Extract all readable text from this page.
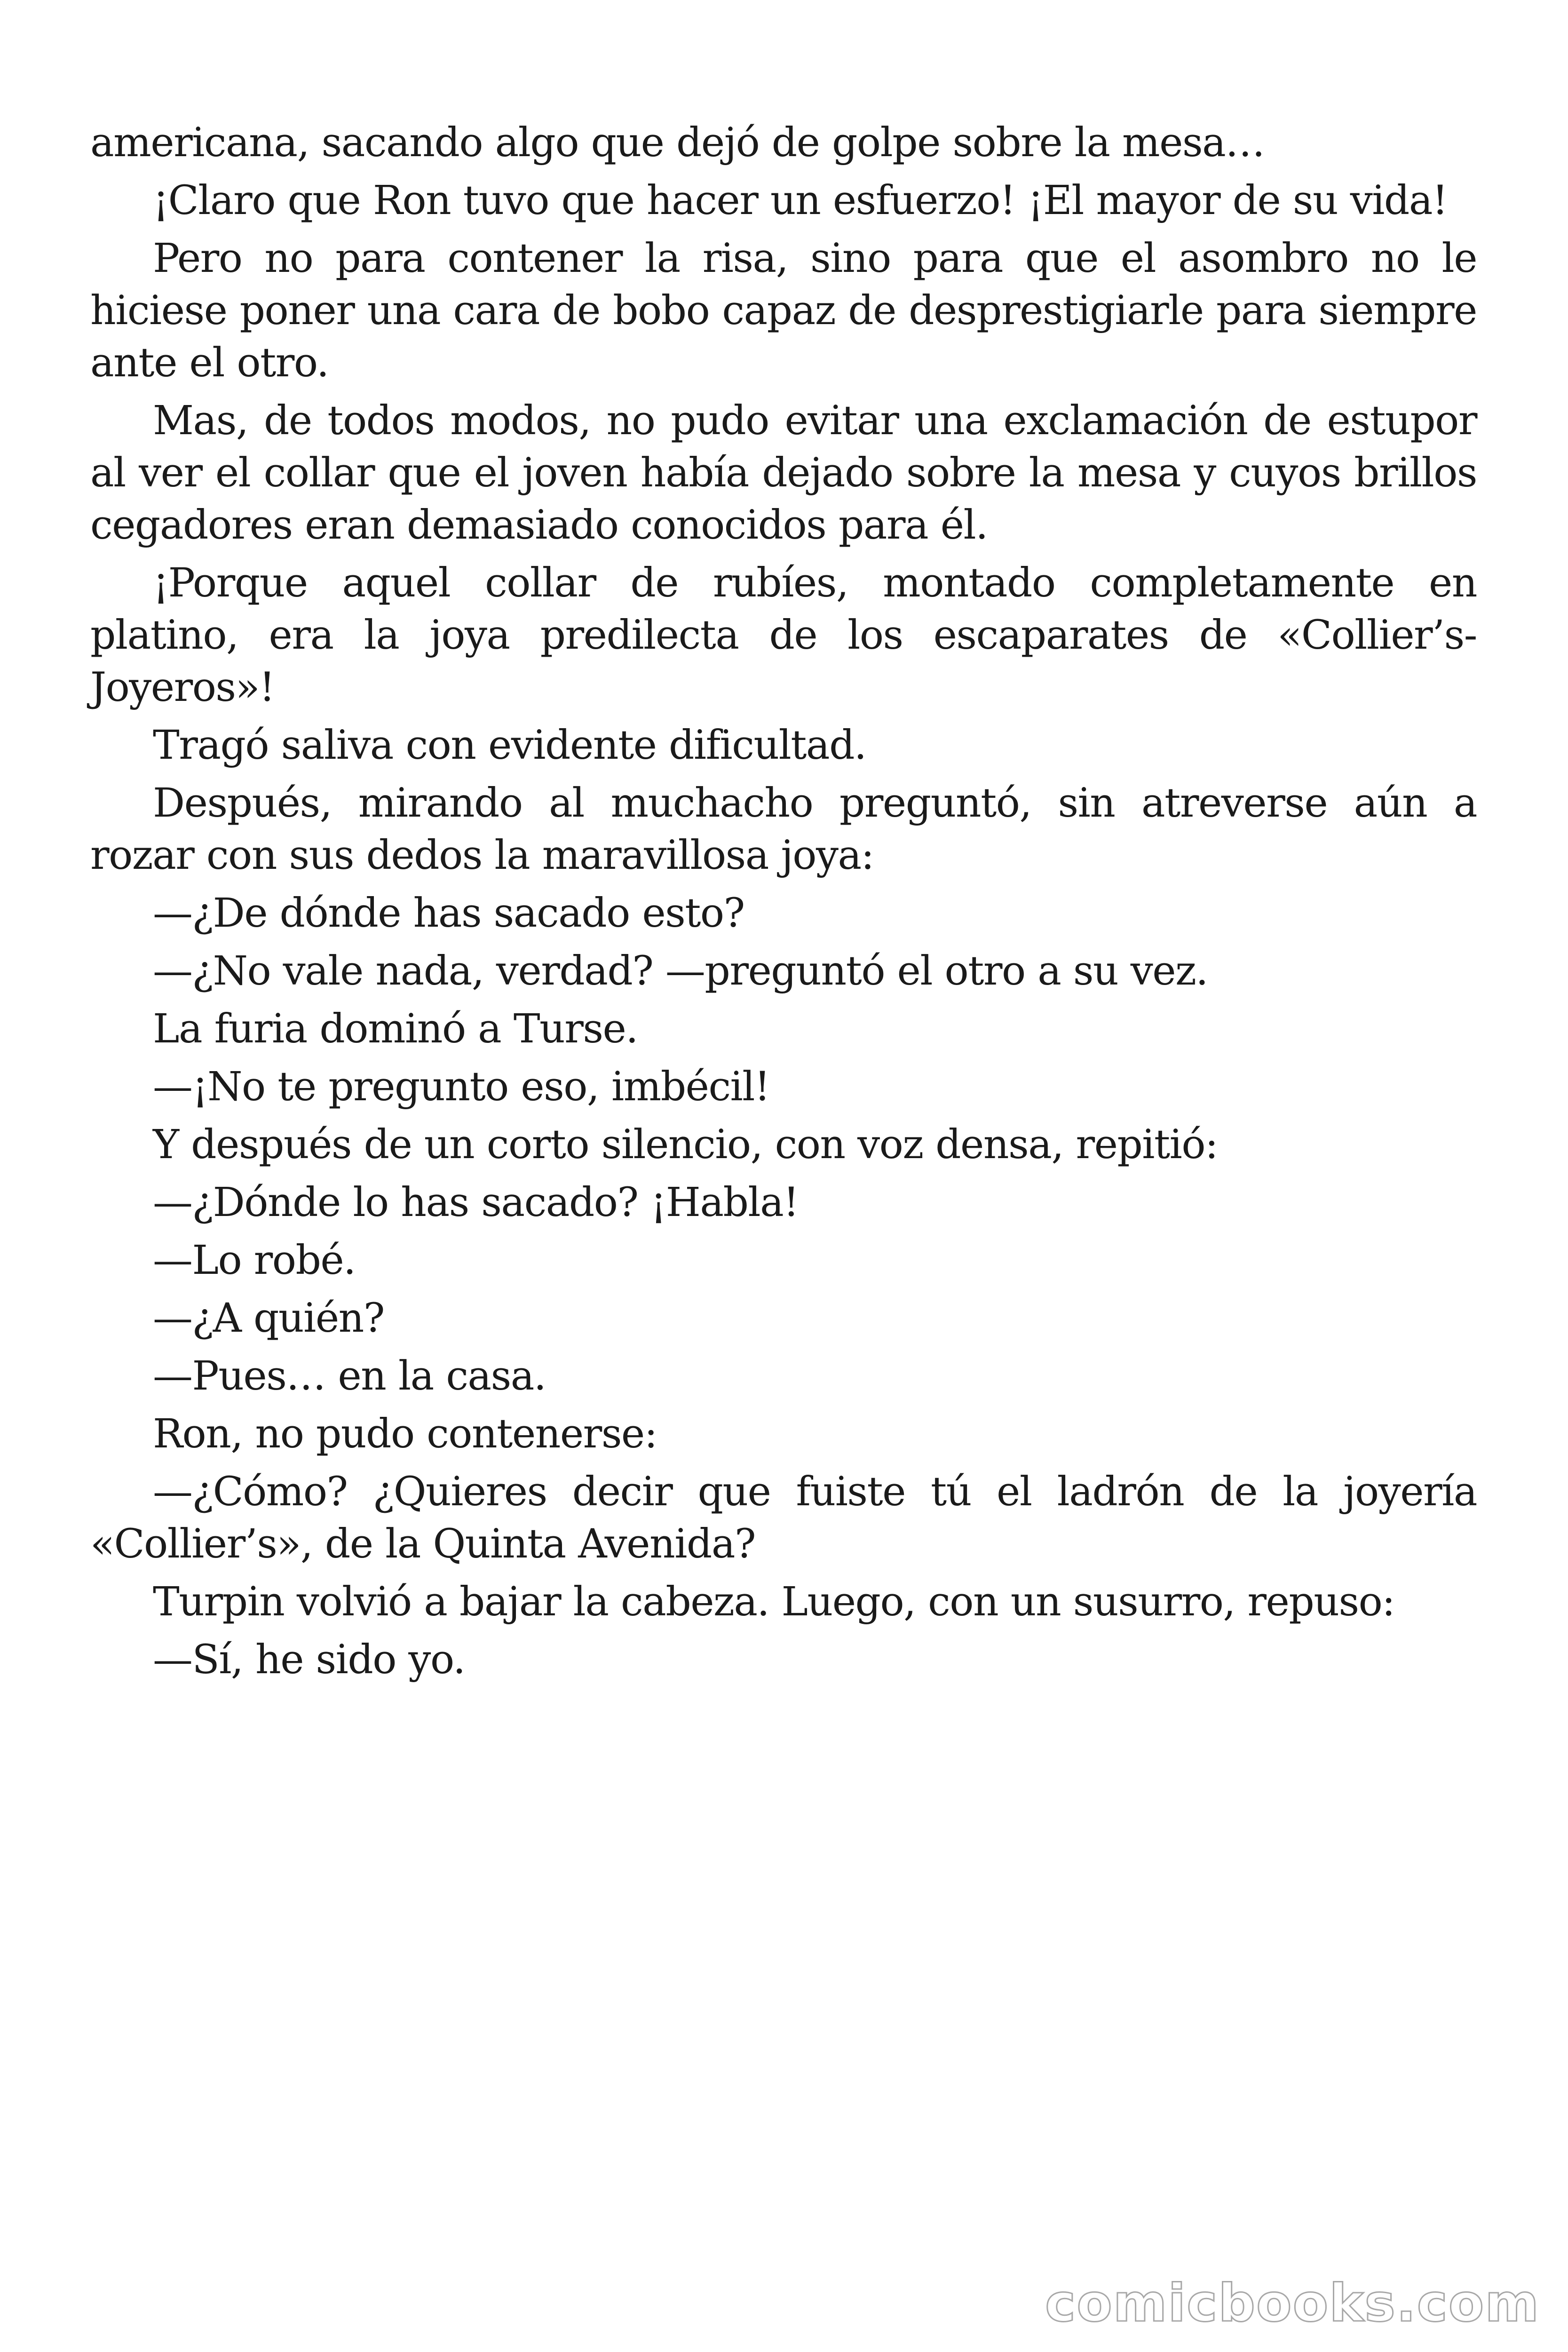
americana, sacando algo que dejó de golpe sobre la mesa…

¡Claro que Ron tuvo que hacer un esfuerzo! ¡El mayor de su vida!

Pero no para contener la risa, sino para que el asombro no le hiciese poner una cara de bobo capaz de desprestigiarle para siempre ante el otro.

Mas, de todos modos, no pudo evitar una exclamación de estupor al ver el collar que el joven había dejado sobre la mesa y cuyos brillos cegadores eran demasiado conocidos para él.

¡Porque aquel collar de rubíes, montado completamente en platino, era la joya predilecta de los escaparates de «Collier’s-Joyeros»!

Tragó saliva con evidente dificultad.

Después, mirando al muchacho preguntó, sin atreverse aún a rozar con sus dedos la maravillosa joya:

—¿De dónde has sacado esto?

—¿No vale nada, verdad? —preguntó el otro a su vez.

La furia dominó a Turse.

—¡No te pregunto eso, imbécil!

Y después de un corto silencio, con voz densa, repitió:

—¿Dónde lo has sacado? ¡Habla!

—Lo robé.

—¿A quién?

—Pues… en la casa.

Ron, no pudo contenerse:

—¿Cómo? ¿Quieres decir que fuiste tú el ladrón de la joyería «Collier’s», de la Quinta Avenida?

Turpin volvió a bajar la cabeza. Luego, con un susurro, repuso:

—Sí, he sido yo.

comicbooks.com
